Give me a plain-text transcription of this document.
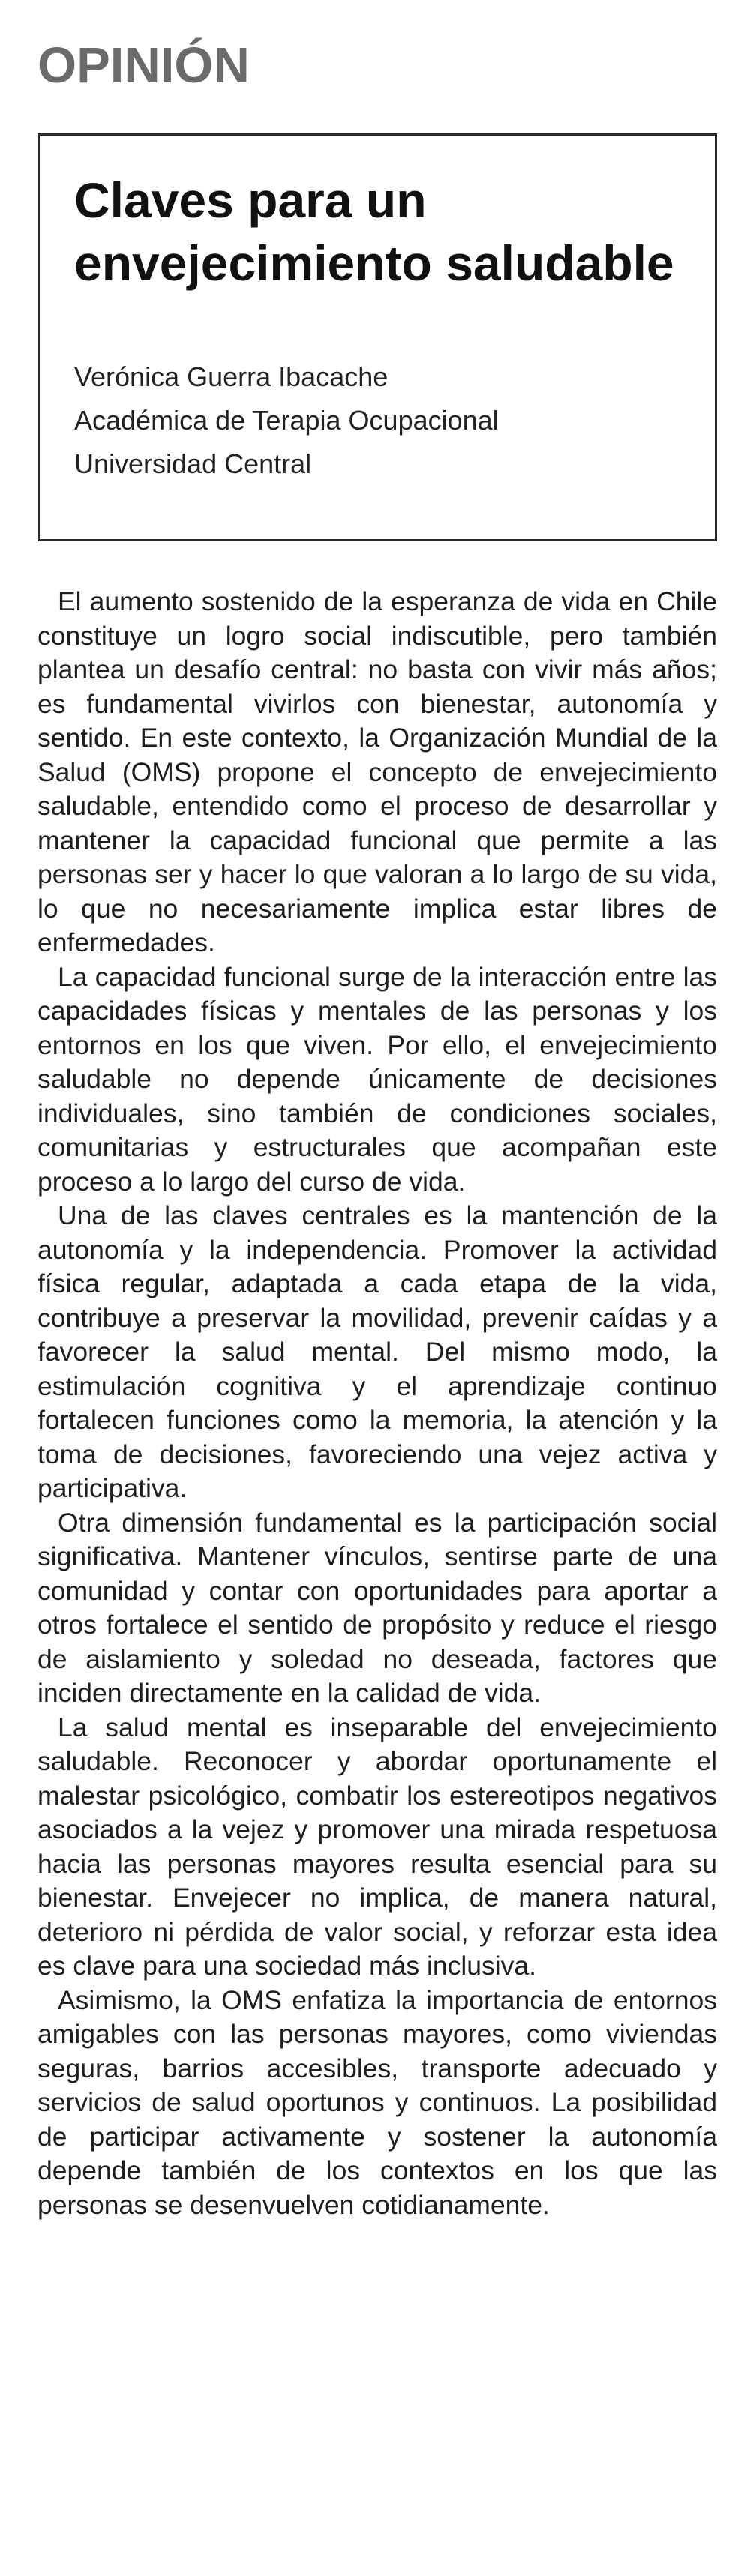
OPINIÓN
Claves para un envejecimiento saludable
Verónica Guerra Ibacache
Académica de Terapia Ocupacional
Universidad Central

El aumento sostenido de la esperanza de vida en Chile constituye un logro social indiscutible, pero también plantea un desafío central: no basta con vivir más años; es fundamental vivirlos con bienestar, autonomía y sentido. En este contexto, la Organización Mundial de la Salud (OMS) propone el concepto de envejecimiento saludable, entendido como el proceso de desarrollar y mantener la capacidad funcional que permite a las personas ser y hacer lo que valoran a lo largo de su vida, lo que no necesariamente implica estar libres de enfermedades.

La capacidad funcional surge de la interacción entre las capacidades físicas y mentales de las personas y los entornos en los que viven. Por ello, el envejecimiento saludable no depende únicamente de decisiones individuales, sino también de condiciones sociales, comunitarias y estructurales que acompañan este proceso a lo largo del curso de vida.

Una de las claves centrales es la mantención de la autonomía y la independencia. Promover la actividad física regular, adaptada a cada etapa de la vida, contribuye a preservar la movilidad, prevenir caídas y a favorecer la salud mental. Del mismo modo, la estimulación cognitiva y el aprendizaje continuo fortalecen funciones como la memoria, la atención y la toma de decisiones, favoreciendo una vejez activa y participativa.

Otra dimensión fundamental es la participación social significativa. Mantener vínculos, sentirse parte de una comunidad y contar con oportunidades para aportar a otros fortalece el sentido de propósito y reduce el riesgo de aislamiento y soledad no deseada, factores que inciden directamente en la calidad de vida.

La salud mental es inseparable del envejecimiento saludable. Reconocer y abordar oportunamente el malestar psicológico, combatir los estereotipos negativos asociados a la vejez y promover una mirada respetuosa hacia las personas mayores resulta esencial para su bienestar. Envejecer no implica, de manera natural, deterioro ni pérdida de valor social, y reforzar esta idea es clave para una sociedad más inclusiva.

Asimismo, la OMS enfatiza la importancia de entornos amigables con las personas mayores, como viviendas seguras, barrios accesibles, transporte adecuado y servicios de salud oportunos y continuos. La posibilidad de participar activamente y sostener la autonomía depende también de los contextos en los que las personas se desenvuelven cotidianamente.
